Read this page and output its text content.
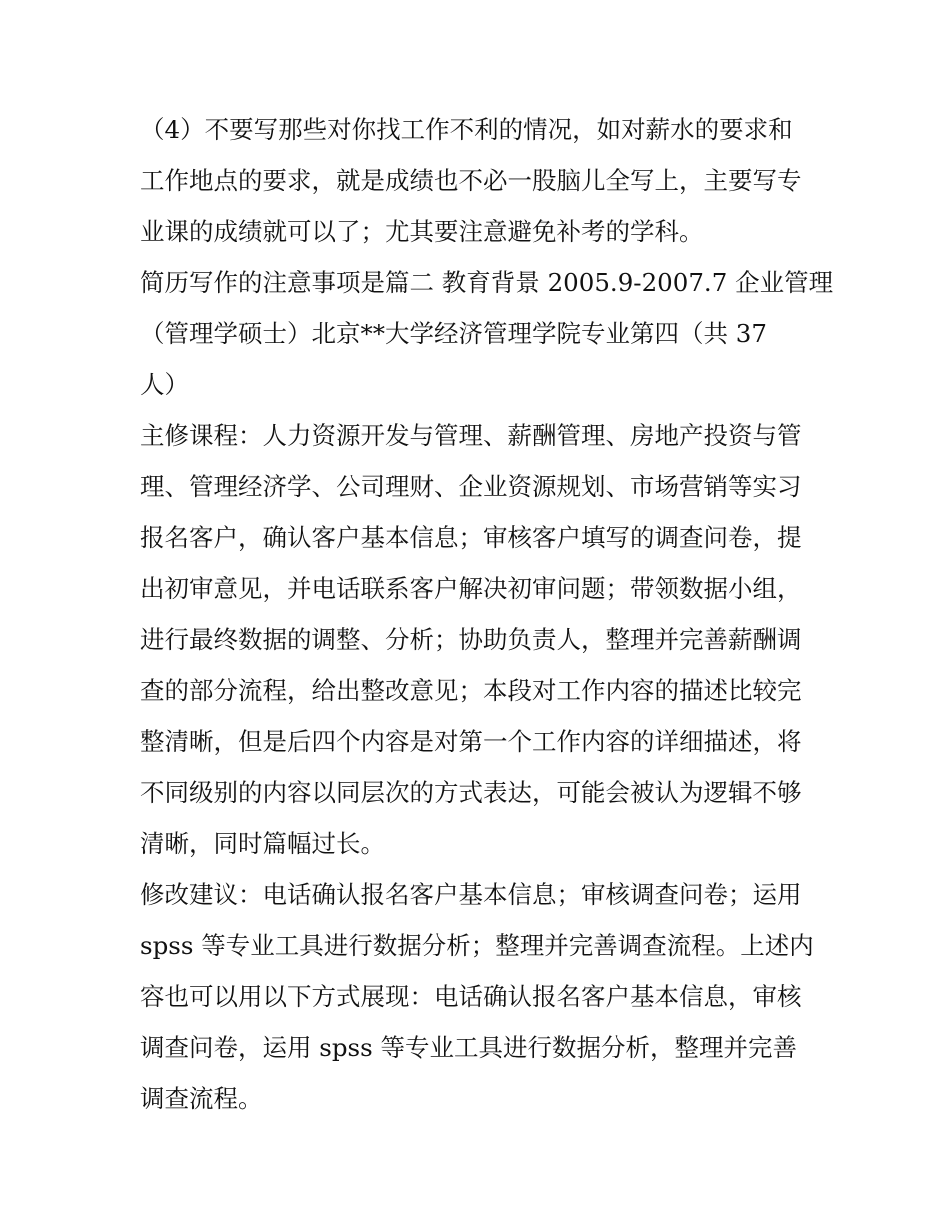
（4）不要写那些对你找工作不利的情况，如对薪水的要求和
工作地点的要求，就是成绩也不必一股脑儿全写上，主要写专
业课的成绩就可以了；尤其要注意避免补考的学科。
简历写作的注意事项是篇二 教育背景 2005.9-2007.7 企业管理
（管理学硕士）北京**大学经济管理学院专业第四（共 37
人）
主修课程：人力资源开发与管理、薪酬管理、房地产投资与管
理、管理经济学、公司理财、企业资源规划、市场营销等实习
报名客户，确认客户基本信息；审核客户填写的调查问卷，提
出初审意见，并电话联系客户解决初审问题；带领数据小组，
进行最终数据的调整、分析；协助负责人，整理并完善薪酬调
查的部分流程，给出整改意见；本段对工作内容的描述比较完
整清晰，但是后四个内容是对第一个工作内容的详细描述，将
不同级别的内容以同层次的方式表达，可能会被认为逻辑不够
清晰，同时篇幅过长。
修改建议：电话确认报名客户基本信息；审核调查问卷；运用
spss 等专业工具进行数据分析；整理并完善调查流程。上述内
容也可以用以下方式展现：电话确认报名客户基本信息，审核
调查问卷，运用 spss 等专业工具进行数据分析，整理并完善
调查流程。
